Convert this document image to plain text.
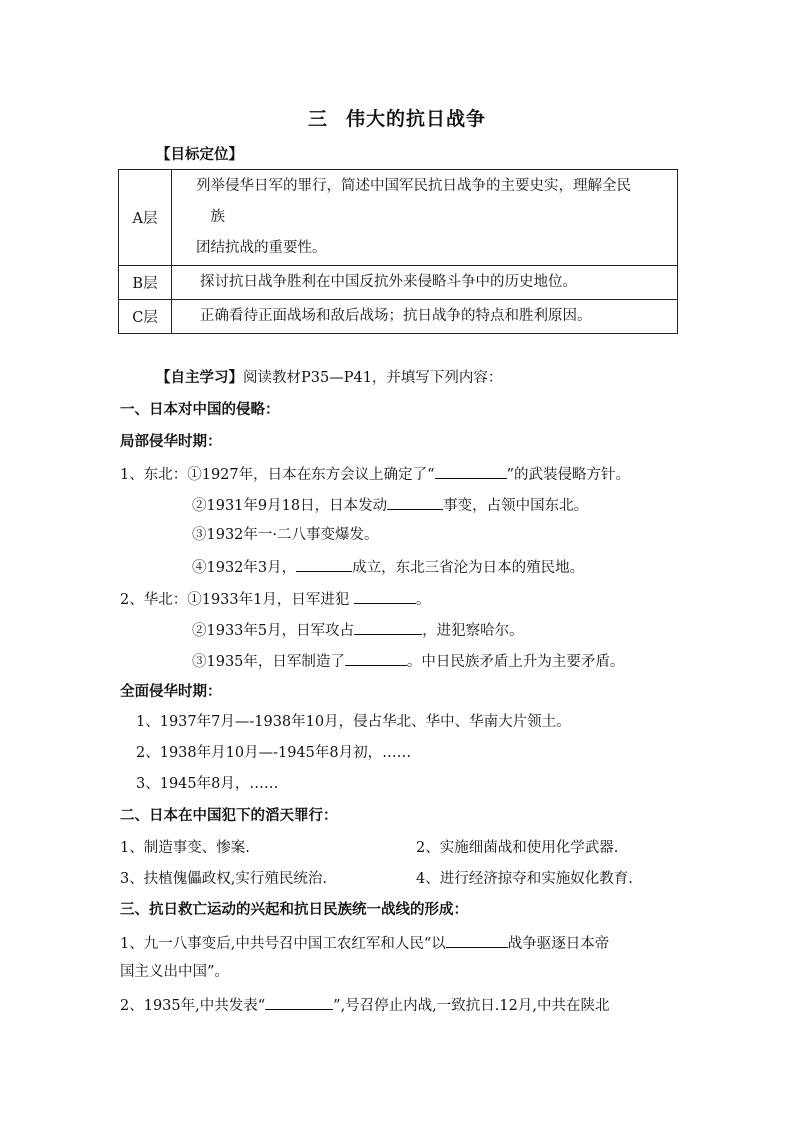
三 伟大的抗日战争
【目标定位】
A层	列举侵华日军的罪行，简述中国军民抗日战争的主要史实，理解全民
　族
团结抗战的重要性。

B层	探讨抗日战争胜利在中国反抗外来侵略斗争中的历史地位。

C层	正确看待正面战场和敌后战场；抗日战争的特点和胜利原因。
【自主学习】阅读教材P35—P41，并填写下列内容：
一、日本对中国的侵略：
局部侵华时期：
1、东北：①1927年，日本在东方会议上确定了“	”的武装侵略方针。
②1931年9月18日，日本发动	事变，占领中国东北。
③1932年一·二八事变爆发。
④1932年3月，	成立，东北三省沦为日本的殖民地。
2、华北：①1933年1月，日军进犯	。
②1933年5月，日军攻占	，进犯察哈尔。
③1935年，日军制造了	。中日民族矛盾上升为主要矛盾。
全面侵华时期：
1、1937年7月—-1938年10月，侵占华北、华中、华南大片领土。
2、1938年月10月—-1945年8月初，……
3、1945年8月，……
二、日本在中国犯下的滔天罪行：
1、制造事变、惨案.	2、实施细菌战和使用化学武器.
3、扶植傀儡政权,实行殖民统治.	4、进行经济掠夺和实施奴化教育.
三、抗日救亡运动的兴起和抗日民族统一战线的形成：
1、九一八事变后,中共号召中国工农红军和人民“以	战争驱逐日本帝
国主义出中国”。
2、1935年,中共发表“	”,号召停止内战,一致抗日.12月,中共在陕北
